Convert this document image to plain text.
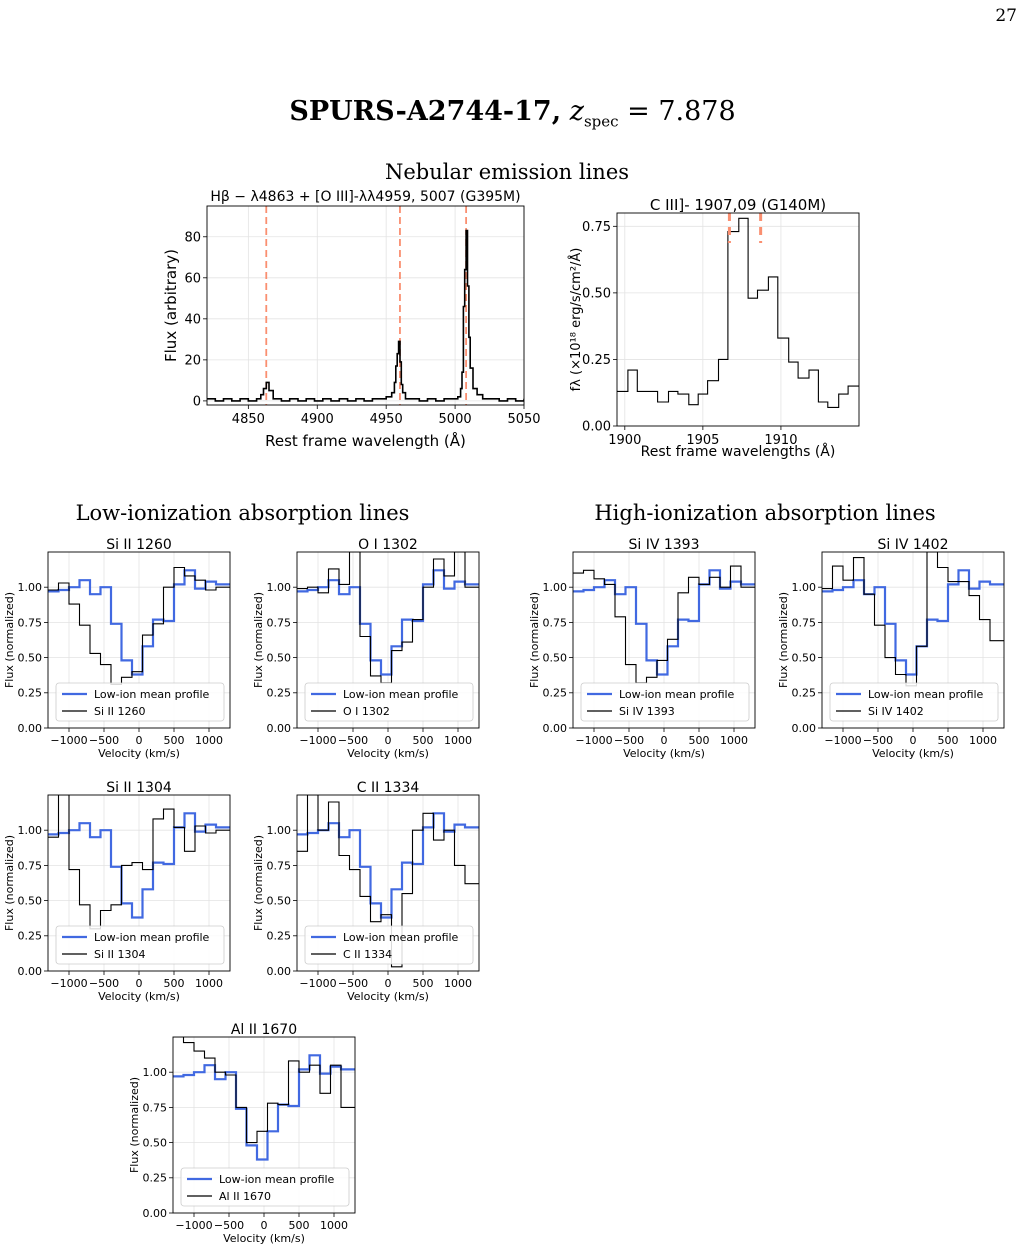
27
SPURS-A2744-17, $z_{spec} = 7.878$
Nebular emission lines
Low-ionization absorption lines	High-ionization absorption lines
4850	4900	4950	5000	5050
0
20
40
60
80
Hβ − λ4863 + [O III]-λλ4959, 5007 (G395M)
Rest frame wavelength (Å)
Flux (arbitrary)
1900	1905	1910
0.00
0.25
0.50
0.75
C III]- 1907,09 (G140M)
Rest frame wavelengths (Å)
fλ (×10¹⁸ erg/s/cm²/Å)
−1000 −500 0 500 1000
0.00
0.25
0.50
0.75
1.00
Si II 1260
Velocity (km/s)
Flux (normalized)
Low-ion mean profile
Si II 1260
−1000 −500 0 500 1000
0.00
0.25
0.50
0.75
1.00
O I 1302
Velocity (km/s)
Flux (normalized)
Low-ion mean profile
O I 1302
−1000 −500 0 500 1000
0.00
0.25
0.50
0.75
1.00
Si IV 1393
Velocity (km/s)
Flux (normalized)
Low-ion mean profile
Si IV 1393
−1000 −500 0 500 1000
0.00
0.25
0.50
0.75
1.00
Si IV 1402
Velocity (km/s)
Flux (normalized)
Low-ion mean profile
Si IV 1402
−1000 −500 0 500 1000
0.00
0.25
0.50
0.75
1.00
Si II 1304
Velocity (km/s)
Flux (normalized)
Low-ion mean profile
Si II 1304
−1000 −500 0 500 1000
0.00
0.25
0.50
0.75
1.00
C II 1334
Velocity (km/s)
Flux (normalized)
Low-ion mean profile
C II 1334
−1000 −500 0 500 1000
0.00
0.25
0.50
0.75
1.00
Al II 1670
Velocity (km/s)
Flux (normalized)
Low-ion mean profile
Al II 1670
